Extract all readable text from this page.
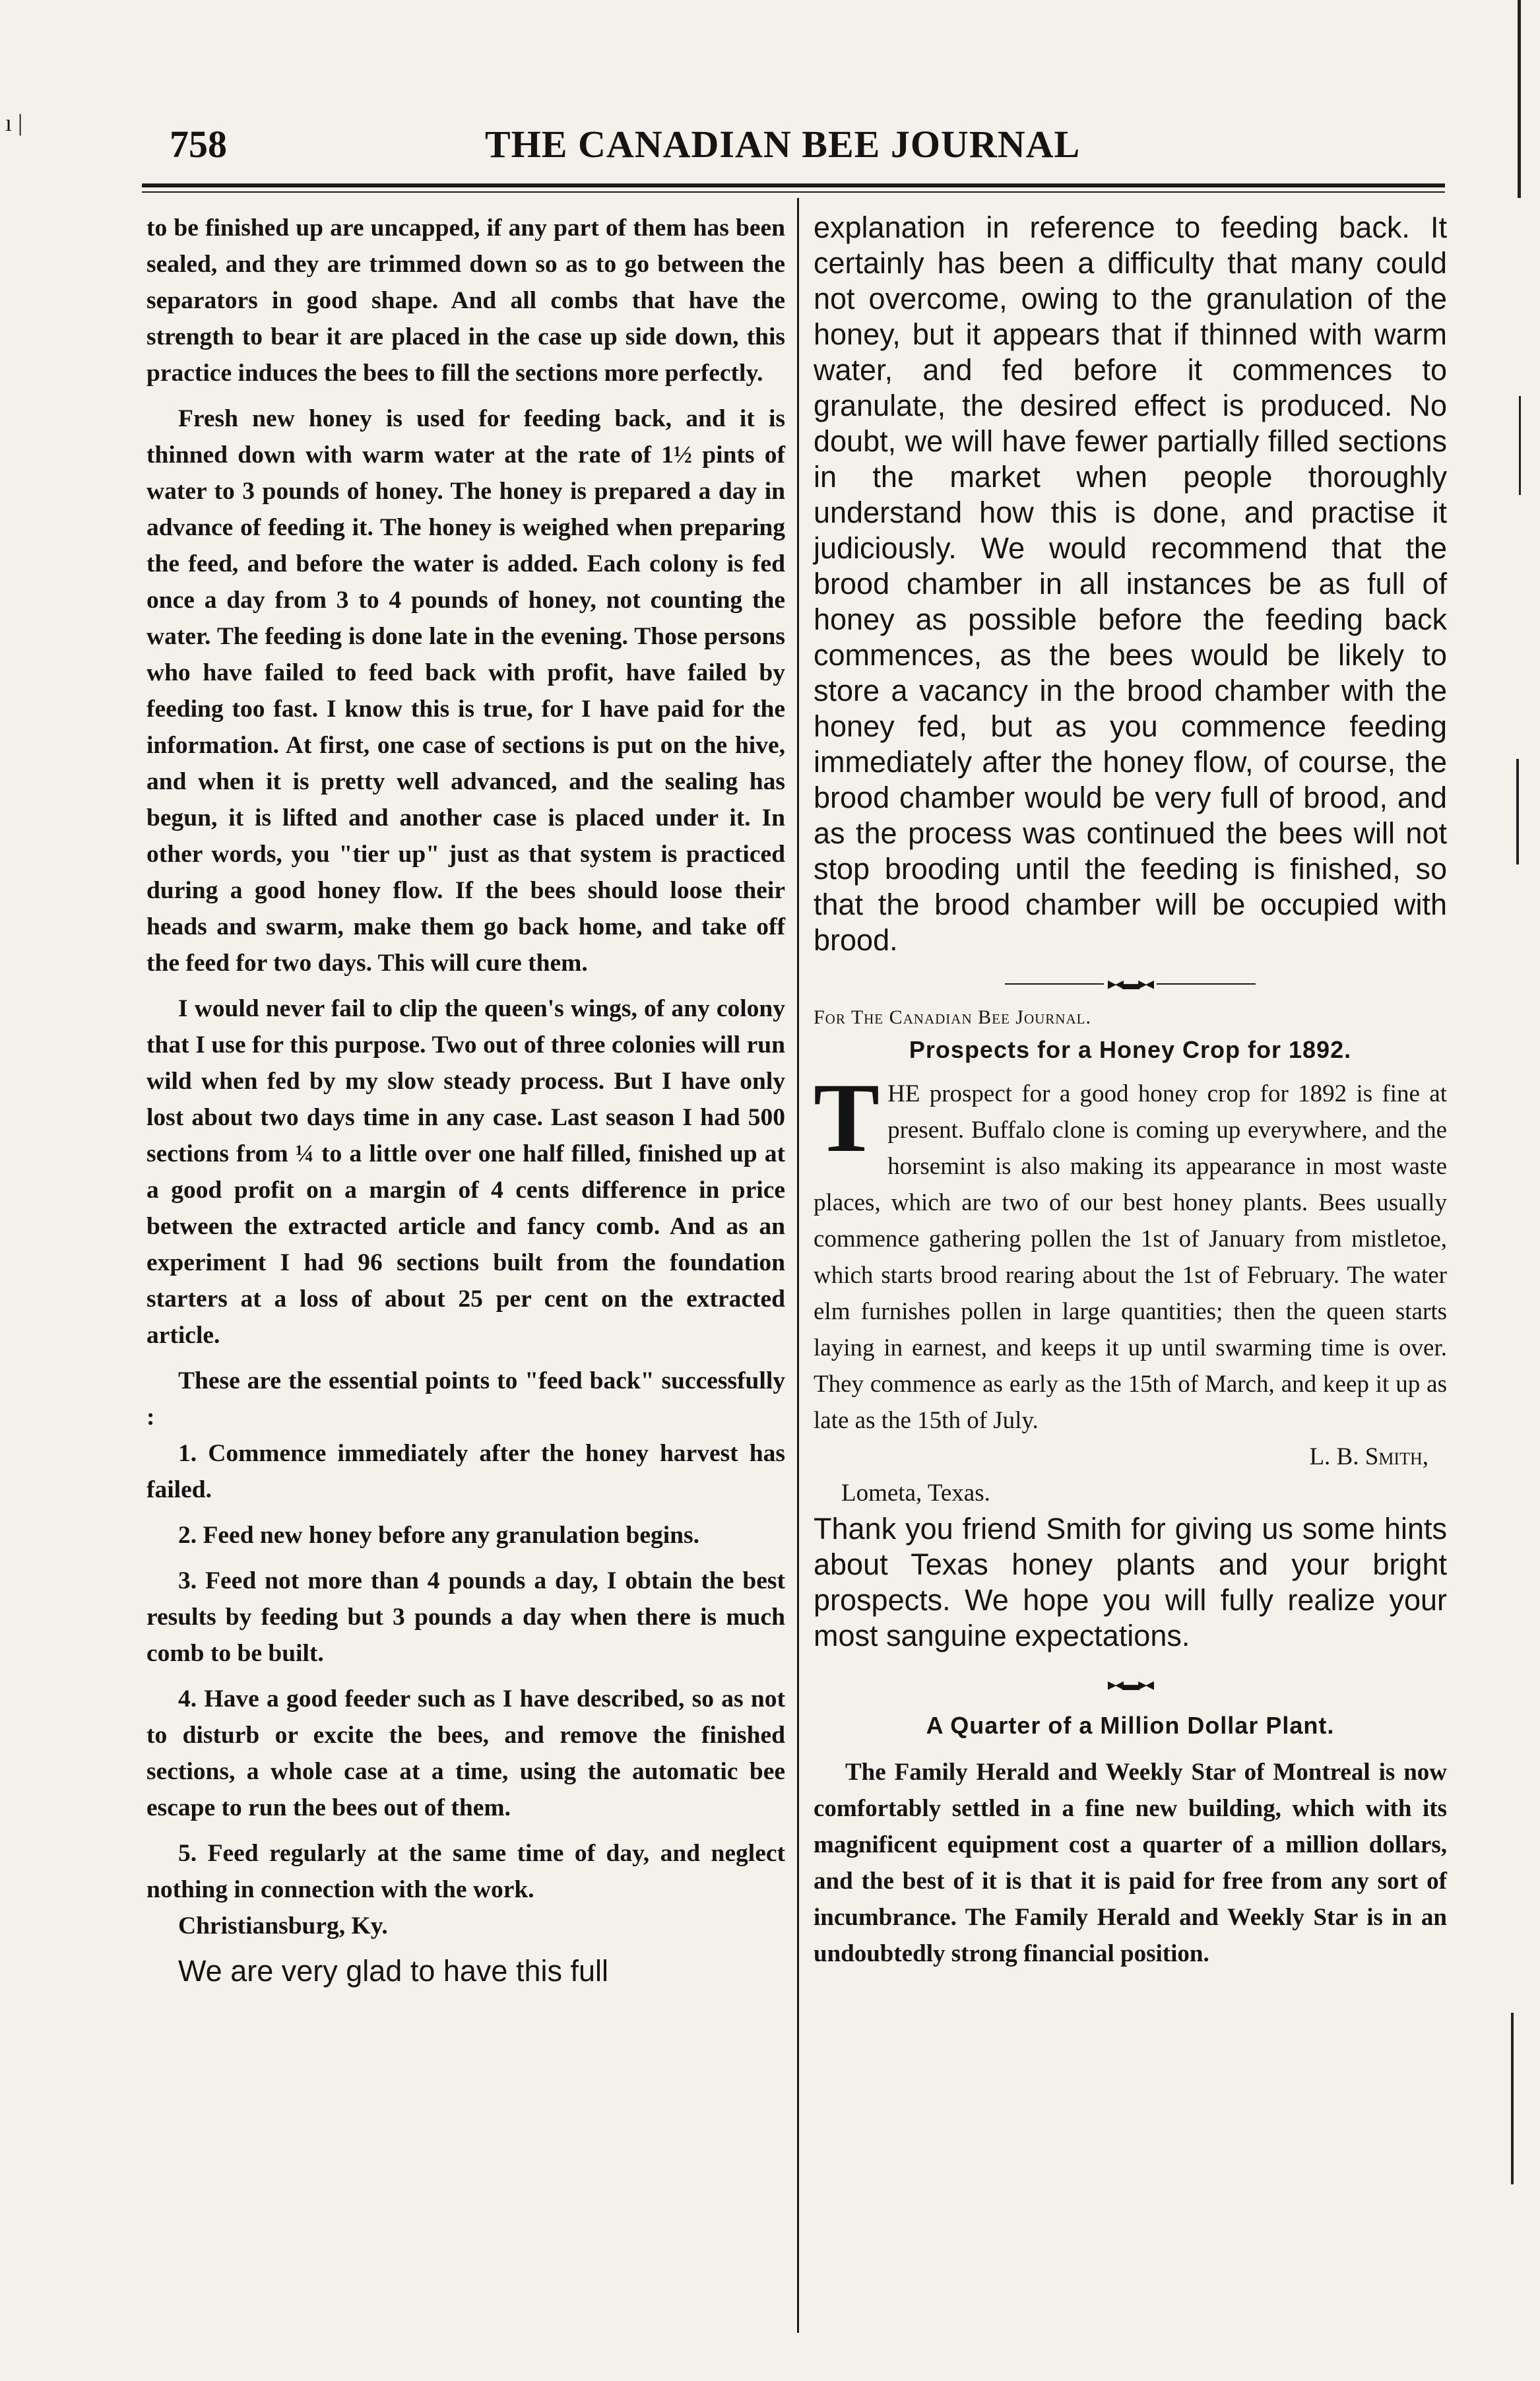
ı |	758	THE CANADIAN BEE JOURNAL

to be finished up are uncapped, if any part of them has been sealed, and they are trimmed down so as to go between the separators in good shape. And all combs that have the strength to bear it are placed in the case up side down, this practice induces the bees to fill the sections more perfectly.

Fresh new honey is used for feeding back, and it is thinned down with warm water at the rate of 1½ pints of water to 3 pounds of honey. The honey is prepared a day in advance of feeding it. The honey is weighed when preparing the feed, and before the water is added. Each colony is fed once a day from 3 to 4 pounds of honey, not counting the water. The feeding is done late in the evening. Those persons who have failed to feed back with profit, have failed by feeding too fast. I know this is true, for I have paid for the information. At first, one case of sections is put on the hive, and when it is pretty well advanced, and the sealing has begun, it is lifted and another case is placed under it. In other words, you "tier up" just as that system is practiced during a good honey flow. If the bees should loose their heads and swarm, make them go back home, and take off the feed for two days. This will cure them.

I would never fail to clip the queen's wings, of any colony that I use for this purpose. Two out of three colonies will run wild when fed by my slow steady process. But I have only lost about two days time in any case. Last season I had 500 sections from ¼ to a little over one half filled, finished up at a good profit on a margin of 4 cents difference in price between the extracted article and fancy comb. And as an experiment I had 96 sections built from the foundation starters at a loss of about 25 per cent on the extracted article.

These are the essential points to "feed back" successfully :

1. Commence immediately after the honey harvest has failed.

2. Feed new honey before any granulation begins.

3. Feed not more than 4 pounds a day, I obtain the best results by feeding but 3 pounds a day when there is much comb to be built.

4. Have a good feeder such as I have described, so as not to disturb or excite the bees, and remove the finished sections, a whole case at a time, using the automatic bee escape to run the bees out of them.

5. Feed regularly at the same time of day, and neglect nothing in connection with the work.

Christiansburg, Ky.

We are very glad to have this full

explanation in reference to feeding back. It certainly has been a difficulty that many could not overcome, owing to the granulation of the honey, but it appears that if thinned with warm water, and fed before it commences to granulate, the desired effect is produced. No doubt, we will have fewer partially filled sections in the market when people thoroughly understand how this is done, and practise it judiciously. We would recommend that the brood chamber in all instances be as full of honey as possible before the feeding back commences, as the bees would be likely to store a vacancy in the brood chamber with the honey fed, but as you commence feeding immediately after the honey flow, of course, the brood chamber would be very full of brood, and as the process was continued the bees will not stop brooding until the feeding is finished, so that the brood chamber will be occupied with brood.

▸◂▬▸◂

For The Canadian Bee Journal.

Prospects for a Honey Crop for 1892.

THE prospect for a good honey crop for 1892 is fine at present. Buffalo clone is coming up everywhere, and the horsemint is also making its appearance in most waste places, which are two of our best honey plants. Bees usually commence gathering pollen the 1st of January from mistletoe, which starts brood rearing about the 1st of February. The water elm furnishes pollen in large quantities; then the queen starts laying in earnest, and keeps it up until swarming time is over. They commence as early as the 15th of March, and keep it up as late as the 15th of July.

L. B. Smith,

Lometa, Texas.

Thank you friend Smith for giving us some hints about Texas honey plants and your bright prospects. We hope you will fully realize your most sanguine expectations.

▸◂▬▸◂

A Quarter of a Million Dollar Plant.

The Family Herald and Weekly Star of Montreal is now comfortably settled in a fine new building, which with its magnificent equipment cost a quarter of a million dollars, and the best of it is that it is paid for free from any sort of incumbrance. The Family Herald and Weekly Star is in an undoubtedly strong financial position.
